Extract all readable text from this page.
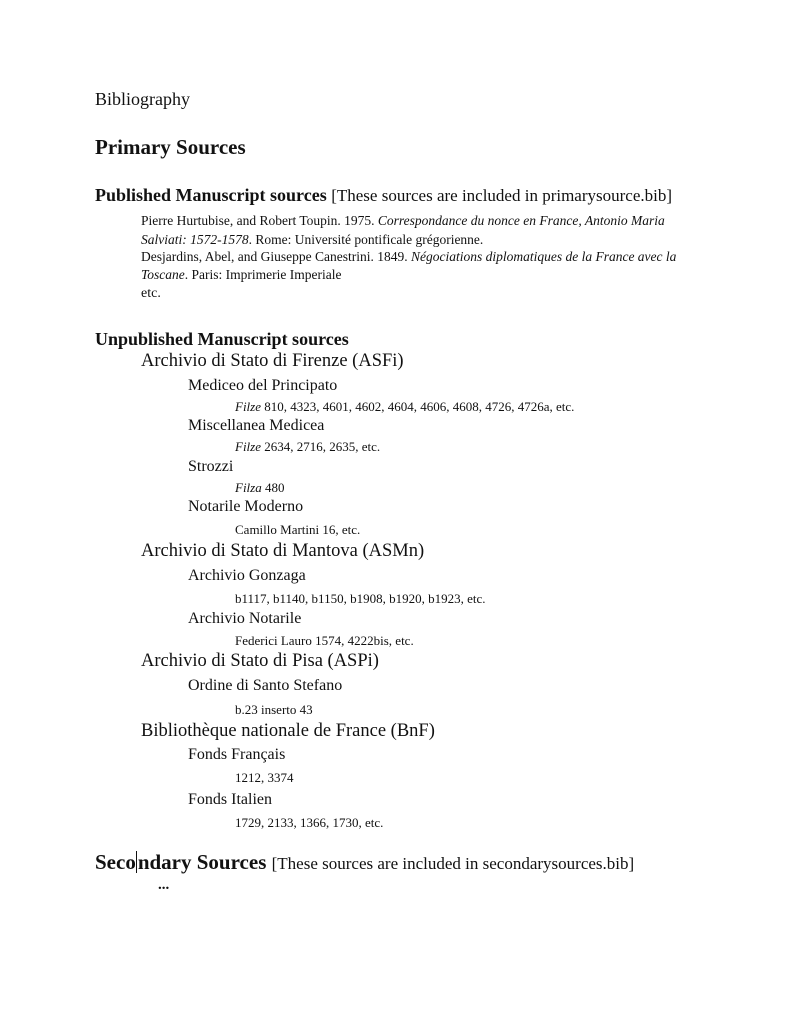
Bibliography
Primary Sources
Published Manuscript sources [These sources are included in primarysource.bib]
Pierre Hurtubise, and Robert Toupin. 1975. Correspondance du nonce en France, Antonio Maria
Salviati: 1572-1578. Rome: Université pontificale grégorienne.
Desjardins, Abel, and Giuseppe Canestrini. 1849. Négociations diplomatiques de la France avec la
Toscane. Paris: Imprimerie Imperiale
etc.
Unpublished Manuscript sources
Archivio di Stato di Firenze (ASFi)
Mediceo del Principato
Filze 810, 4323, 4601, 4602, 4604, 4606, 4608, 4726, 4726a, etc.
Miscellanea Medicea
Filze 2634, 2716, 2635, etc.
Strozzi
Filza 480
Notarile Moderno
Camillo Martini 16, etc.
Archivio di Stato di Mantova (ASMn)
Archivio Gonzaga
b1117, b1140, b1150, b1908, b1920, b1923, etc.
Archivio Notarile
Federici Lauro 1574, 4222bis, etc.
Archivio di Stato di Pisa (ASPi)
Ordine di Santo Stefano
b.23 inserto 43
Bibliothèque nationale de France (BnF)
Fonds Français
1212, 3374
Fonds Italien
1729, 2133, 1366, 1730, etc.
Secondary Sources [These sources are included in secondarysources.bib]
...
